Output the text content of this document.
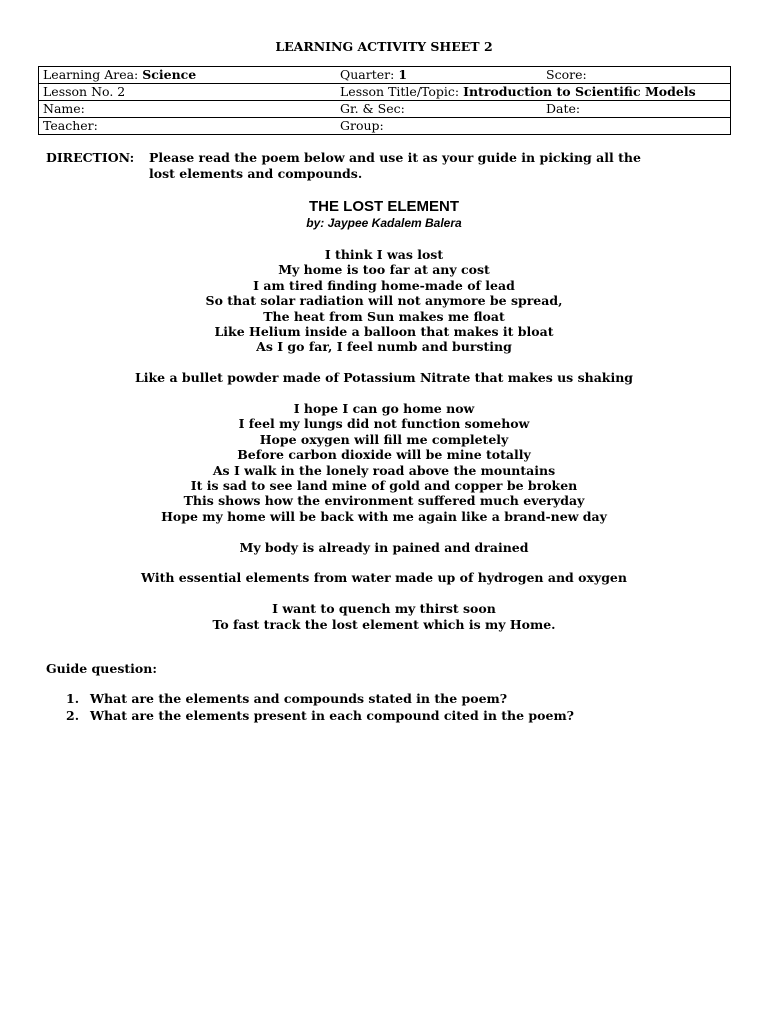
LEARNING ACTIVITY SHEET 2
Learning Area: Science	Quarter: 1	Score:
Lesson No. 2	Lesson Title/Topic: Introduction to Scientific Models	
Name:	Gr. & Sec:	Date:
Teacher:	Group:	
DIRECTION: Please read the poem below and use it as your guide in picking all the
lost elements and compounds.
THE LOST ELEMENT
by: Jaypee Kadalem Balera
I think I was lost
My home is too far at any cost
I am tired finding home-made of lead
So that solar radiation will not anymore be spread,
The heat from Sun makes me float
Like Helium inside a balloon that makes it bloat
As I go far, I feel numb and bursting
Like a bullet powder made of Potassium Nitrate that makes us shaking
I hope I can go home now
I feel my lungs did not function somehow
Hope oxygen will fill me completely
Before carbon dioxide will be mine totally
As I walk in the lonely road above the mountains
It is sad to see land mine of gold and copper be broken
This shows how the environment suffered much everyday
Hope my home will be back with me again like a brand-new day
My body is already in pained and drained
With essential elements from water made up of hydrogen and oxygen
I want to quench my thirst soon
To fast track the lost element which is my Home.
Guide question:
1. What are the elements and compounds stated in the poem?
2. What are the elements present in each compound cited in the poem?
